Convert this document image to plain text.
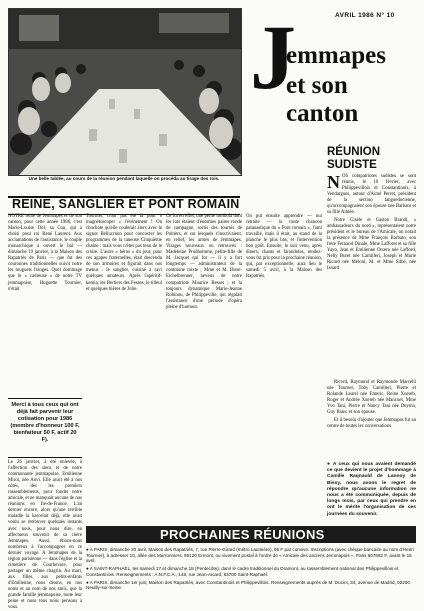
Une belle tablée, au cours de la réunion pendant laquelle on procéda au tirage des rois.
AVRIL 1986 N° 10
J
emmapes
et son
canton
RÉUNION
SUDISTE

NOS compatriotes sudistes se sont réunis, le 16 février, avec Philippevillois et Constantinois, à Vendargues, autour d'Aimé Perret, président de la section languedocienne, qu'accompagnaient son épouse née Barbato et sa fille Aimée.

Notre Gisèle et Gaston Brandi, « ambassadeurs du nord », représentaient notre président et le bureau de l'Amicale, on notait la présence de Mme François Barbato, son frère Fernand Dinale, Mme Lafforet et sa fille Yayo, Jean et Emilienne Orsero née Lafford, Nelly Buret née Camilleri, Joseph et Marie Ricard née Meloni, M. et Mme Silbé, née Isnard

Ricord, Raymond et Raymonde Marcelli née Tourner, Toby Camilleri, Pierre et Rolande Laurel née Emeric, Reine Xuereb, Roger et Andrée Xuereb née Mancuet, Mme Yvo Tani, Pierre et Nancy Tani née Deyma, Guy Bianc et son épouse.

Et il besoin d'ajouter que Jemmapes fut au centre de toutes les conversations.

REINE, SANGLIER ET PONT ROMAIN
Tournier, n'ont pas été là pour « magnétoscoper » l'événement ! On chuchote qu'elle coulerait alors avec le signor Bellucrnon pour concocter les programmes de la taneuse Cinquième chaîne : mais vous n'êtes pas tenu de le croire. L'autre « héros » du jour, pour ces agapes fraternelles, était descendu de son armoires et figurait dans nos menus : le sanglier, cuisiné a ravi quelques amateurs. Après l'apéritif-kemia, les Bertiers des Fesses, le tilleul et quelques bières de Jolie.
Ce fut en effet, une petite tombola dont les lots étaient d'énormes paires ronde de campagne, sortis des tournis de Poitiers, et sur lesquels s'inscrivaient, en relief, les armes de Jemmapes. Visages nouveaux ou retrouvés : Madeleine Prudhomme, petite-fille de M. Jacquet qui fut — il y a fort longtemps — administrateur de la commune mixte ; Mme et M. Bisse-Eichelbrenner, neveux de notre compatriote Maurice Besset ; et la toujours dynamique Marie-Jeanne Robinou, de Philippeville, qui régalait l'assistance d'une période d'opéra pleine d'humour.
On put ensuite apprendre — nui retraite — la route chancon patanastique du « Pont romain », l'ami travaillé, mais il était, au stand de la planche le plus bas, et l'intervention bon goût. Ensuite, le soir venu, après dîners, chants et farandoles, rendez-vous fut pris pour la prochaine réunion, qui, par exceptionnelle, aura lieu le samedi 5 avril, à la Maison des Rapatriés.
NOTRE reine de Jemmapes et de son canton, pour cette année 1986, c'est Marie-Louise Dol, sa Cou, qui a choisi pour roi René Laurent. Aux acclamations de l'assistance, le couple monarchique a ouvert le bal — dimanche 19 janvier, à la Maison des Rapatriés de Paris — que fut des couronnes traditionnelles suivit notre les muguets franges. Quel dommage que le « cadreuse » de notre TV jemmapoise, Huguette Tournier, n'était
Merci à tous ceux qui ont déjà fait parvenir leur cotisation pour 1986 (membre d'honneur 100 F, bienfaiteur 50 F, actif 20 F).
Le 26 janvier, à été enlevée, à l'affection des siens et de notre communauté jemmapoise, Emilienne Mirot, née Auvi. Elle avait été à nos côtés, dès les premiers rassemblements, pour fonder notre amicale, et ne manquait aucune de nos réunions en Ile-de-France. L'an dernier encore, alors qu'une terrible maladie la harcelait déjà, elle avait voulu se retrouver quelques instants avec nous, pour nous dire, en affectueux souvenir de sa chère Jemmapes. Aussi, étions-nous nombreux à l'accompagner en ce dernier voyage. A Jemmapes de la région parisienne — dans l'église et la cimetière de Courbevoie, pour partager un même chagrin. Au mari, aux filles, aux petits-enfants d'Emilienne, nous disons, en nos noms et au nom de nos amis, que la grande famille jemmapoise, toute leur peine et nous tous nous pensons à vous.
● A ceux qui nous avaient demandé ce que devient le projet d'hommage à Camille Raqnauld de Lannoy de Bissy, nous avons le regret de répondre qu'aucune information ne nous a été communiquée, depuis de longs mois, par ceux qui prendre en ont le mérite l'organisation de ces journées du souvenir.
PROCHAINES RÉUNIONS

● A PARIS, dimanche 20 avril, Maison des Rapatriés, 7, rue Pierre-Girard (métro Laumière), 95 F par convive. Inscriptions (avec chèque bancaire au nom d'Henri Tournier), à adresser 10, allée des Marronniers, 95120 Ermont, ou vivement postal à l'ordre de « Amicale des anciens Jemmapois », Paris 607682 F, avant le 15 avril.

● A SAINT-RAPHAËL, les samedi 17 et dimanche 18 (Pentecôte), dans le cadre traditionnel du Dramont, au rassemblement national des Philippevillois et Constantinois. Renseignements : A.N.F.C.A., 148, rue Jean-Aicard, 83700 Saint-Raphaël.

● A PARIS, dimanche 1er juin, Maison des Rapatriés, avec Constantinois et Philippevillois. Renseignements auprès de M. Ducini, 34, avenue de Madrid, 92200 Neuilly-sur-Seine.
